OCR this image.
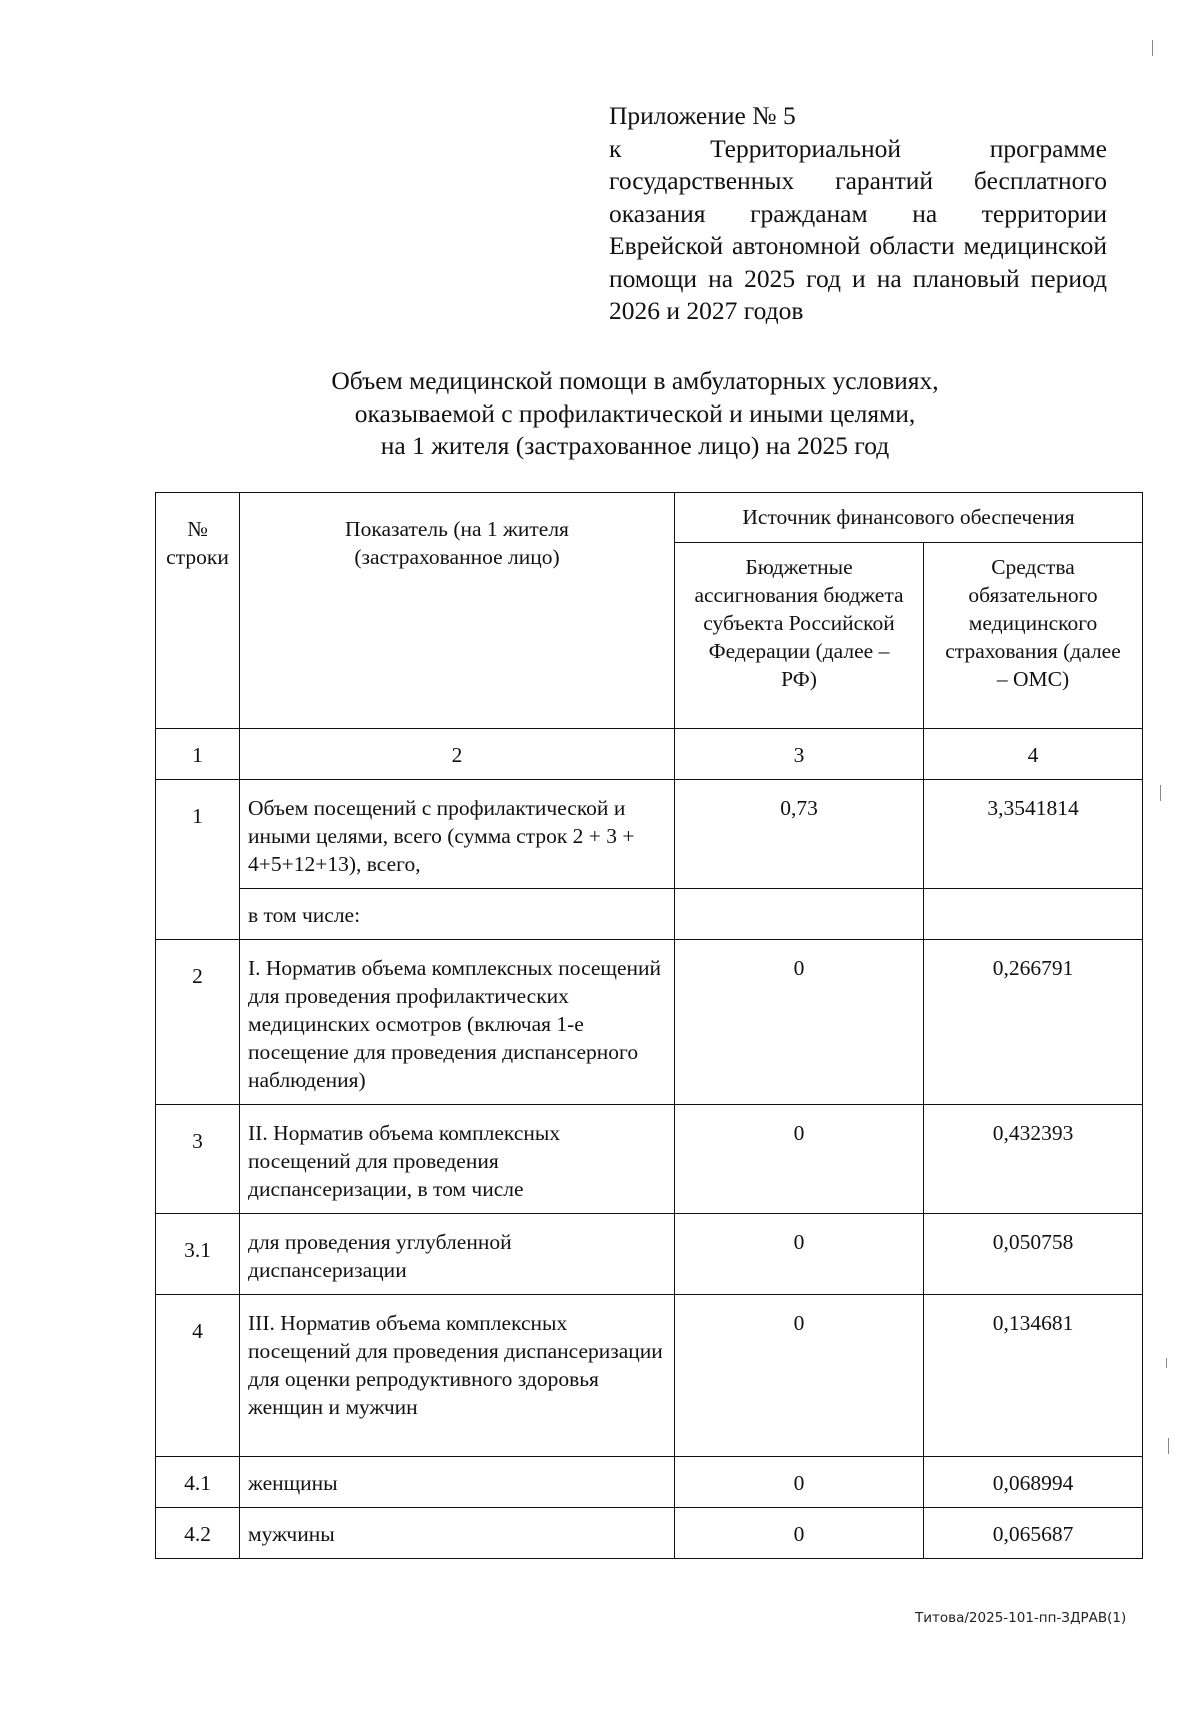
Приложение № 5
к Территориальной программе государственных гарантий бесплатного оказания гражданам на территории Еврейской автономной области медицинской помощи на 2025 год и на плановый период 2026 и 2027 годов
Объем медицинской помощи в амбулаторных условиях,
оказываемой с профилактической и иными целями,
на 1 жителя (застрахованное лицо) на 2025 год
№ строки	Показатель (на 1 жителя (застрахованное лицо)	Источник финансового обеспечения	
		Бюджетные ассигнования бюджета субъекта Российской Федерации (далее – РФ)	Средства обязательного медицинского страхования (далее – ОМС)
1	2	3	4
1	Объем посещений с профилактической и иными целями, всего (сумма строк 2 + 3 + 4+5+12+13), всего,	0,73	3,3541814
	в том числе:		
2	I. Норматив объема комплексных посещений для проведения профилактических медицинских осмотров (включая 1-е посещение для проведения диспансерного наблюдения)	0	0,266791
3	II. Норматив объема комплексных посещений для проведения диспансеризации, в том числе	0	0,432393
3.1	для проведения углубленной диспансеризации	0	0,050758
4	III. Норматив объема комплексных посещений для проведения диспансеризации для оценки репродуктивного здоровья женщин и мужчин	0	0,134681
4.1	женщины	0	0,068994
4.2	мужчины	0	0,065687
Титова/2025-101-пп-ЗДРАВ(1)
